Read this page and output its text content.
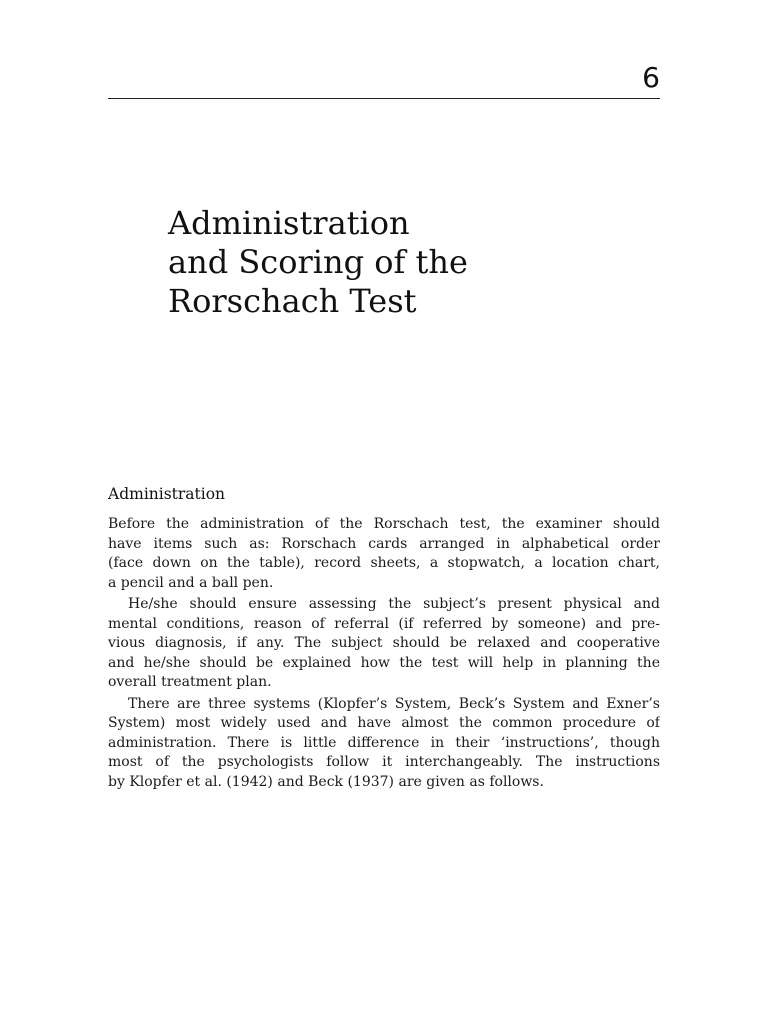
6
Administration
and Scoring of the
Rorschach Test
Administration

Before the administration of the Rorschach test, the examiner should
have items such as: Rorschach cards arranged in alphabetical order
(face down on the table), record sheets, a stopwatch, a location chart,
a pencil and a ball pen.

He/she should ensure assessing the subject’s present physical and
mental conditions, reason of referral (if referred by someone) and pre-
vious diagnosis, if any. The subject should be relaxed and cooperative
and he/she should be explained how the test will help in planning the
overall treatment plan.

There are three systems (Klopfer’s System, Beck’s System and Exner’s
System) most widely used and have almost the common procedure of
administration. There is little difference in their ‘instructions’, though
most of the psychologists follow it interchangeably. The instructions
by Klopfer et al. (1942) and Beck (1937) are given as follows.
